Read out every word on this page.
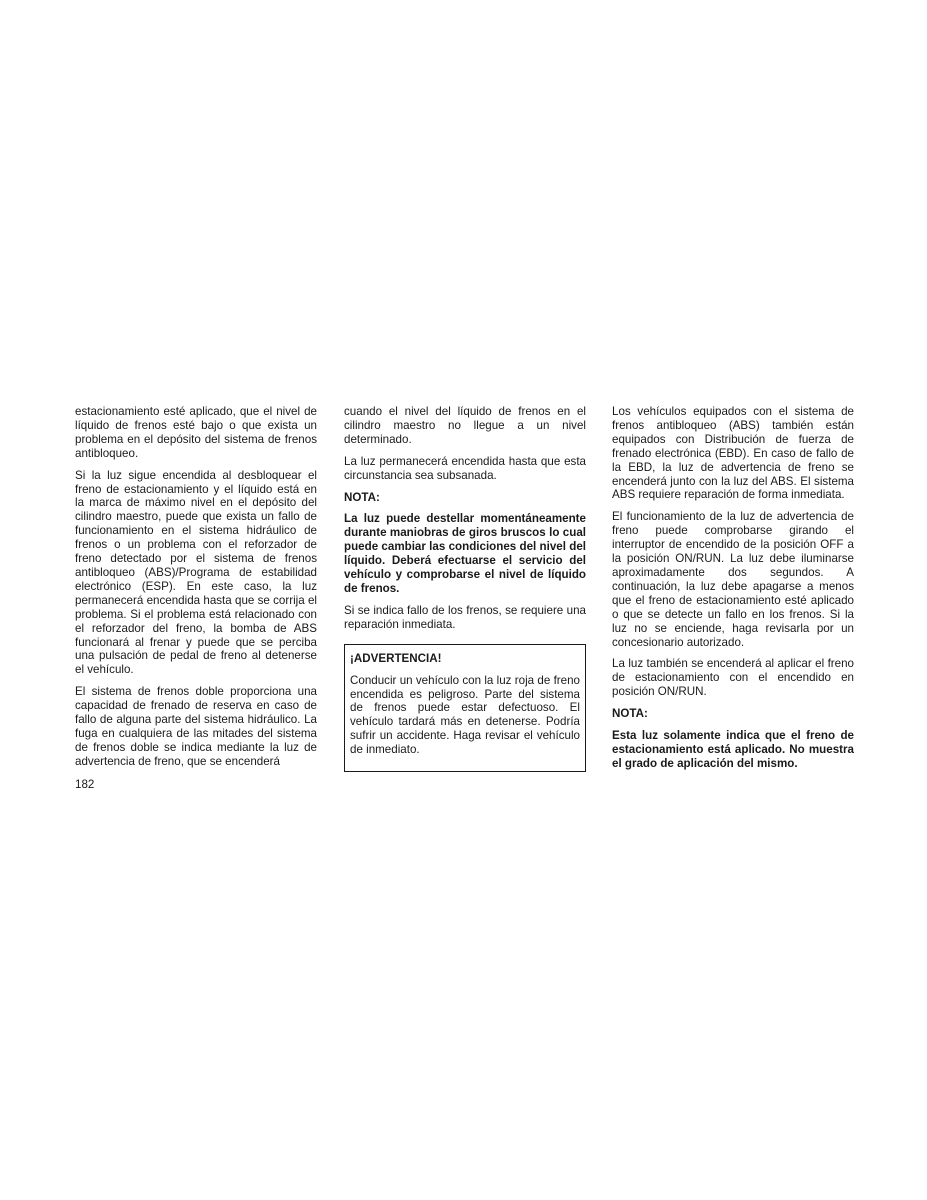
estacionamiento esté aplicado, que el nivel de líquido de frenos esté bajo o que exista un problema en el depósito del sistema de frenos antibloqueo.

Si la luz sigue encendida al desbloquear el freno de estacionamiento y el líquido está en la marca de máximo nivel en el depósito del cilindro maestro, puede que exista un fallo de funcionamiento en el sistema hidráulico de frenos o un problema con el reforzador de freno detectado por el sistema de frenos antibloqueo (ABS)/Programa de estabilidad electrónico (ESP). En este caso, la luz permanecerá encendida hasta que se corrija el problema. Si el problema está relacionado con el reforzador del freno, la bomba de ABS funcionará al frenar y puede que se perciba una pulsación de pedal de freno al detenerse el vehículo.

El sistema de frenos doble proporciona una capacidad de frenado de reserva en caso de fallo de alguna parte del sistema hidráulico. La fuga en cualquiera de las mitades del sistema de frenos doble se indica mediante la luz de advertencia de freno, que se encenderá

cuando el nivel del líquido de frenos en el cilindro maestro no llegue a un nivel determinado.

La luz permanecerá encendida hasta que esta circunstancia sea subsanada.

NOTA:

La luz puede destellar momentáneamente durante maniobras de giros bruscos lo cual puede cambiar las condiciones del nivel del líquido. Deberá efectuarse el servicio del vehículo y comprobarse el nivel de líquido de frenos.

Si se indica fallo de los frenos, se requiere una reparación inmediata.

¡ADVERTENCIA!

Conducir un vehículo con la luz roja de freno encendida es peligroso. Parte del sistema de frenos puede estar defectuoso. El vehículo tardará más en detenerse. Podría sufrir un accidente. Haga revisar el vehículo de inmediato.

Los vehículos equipados con el sistema de frenos antibloqueo (ABS) también están equipados con Distribución de fuerza de frenado electrónica (EBD). En caso de fallo de la EBD, la luz de advertencia de freno se encenderá junto con la luz del ABS. El sistema ABS requiere reparación de forma inmediata.

El funcionamiento de la luz de advertencia de freno puede comprobarse girando el interruptor de encendido de la posición OFF a la posición ON/RUN. La luz debe iluminarse aproximadamente dos segundos. A continuación, la luz debe apagarse a menos que el freno de estacionamiento esté aplicado o que se detecte un fallo en los frenos. Si la luz no se enciende, haga revisarla por un concesionario autorizado.

La luz también se encenderá al aplicar el freno de estacionamiento con el encendido en posición ON/RUN.

NOTA:

Esta luz solamente indica que el freno de estacionamiento está aplicado. No muestra el grado de aplicación del mismo.

182
